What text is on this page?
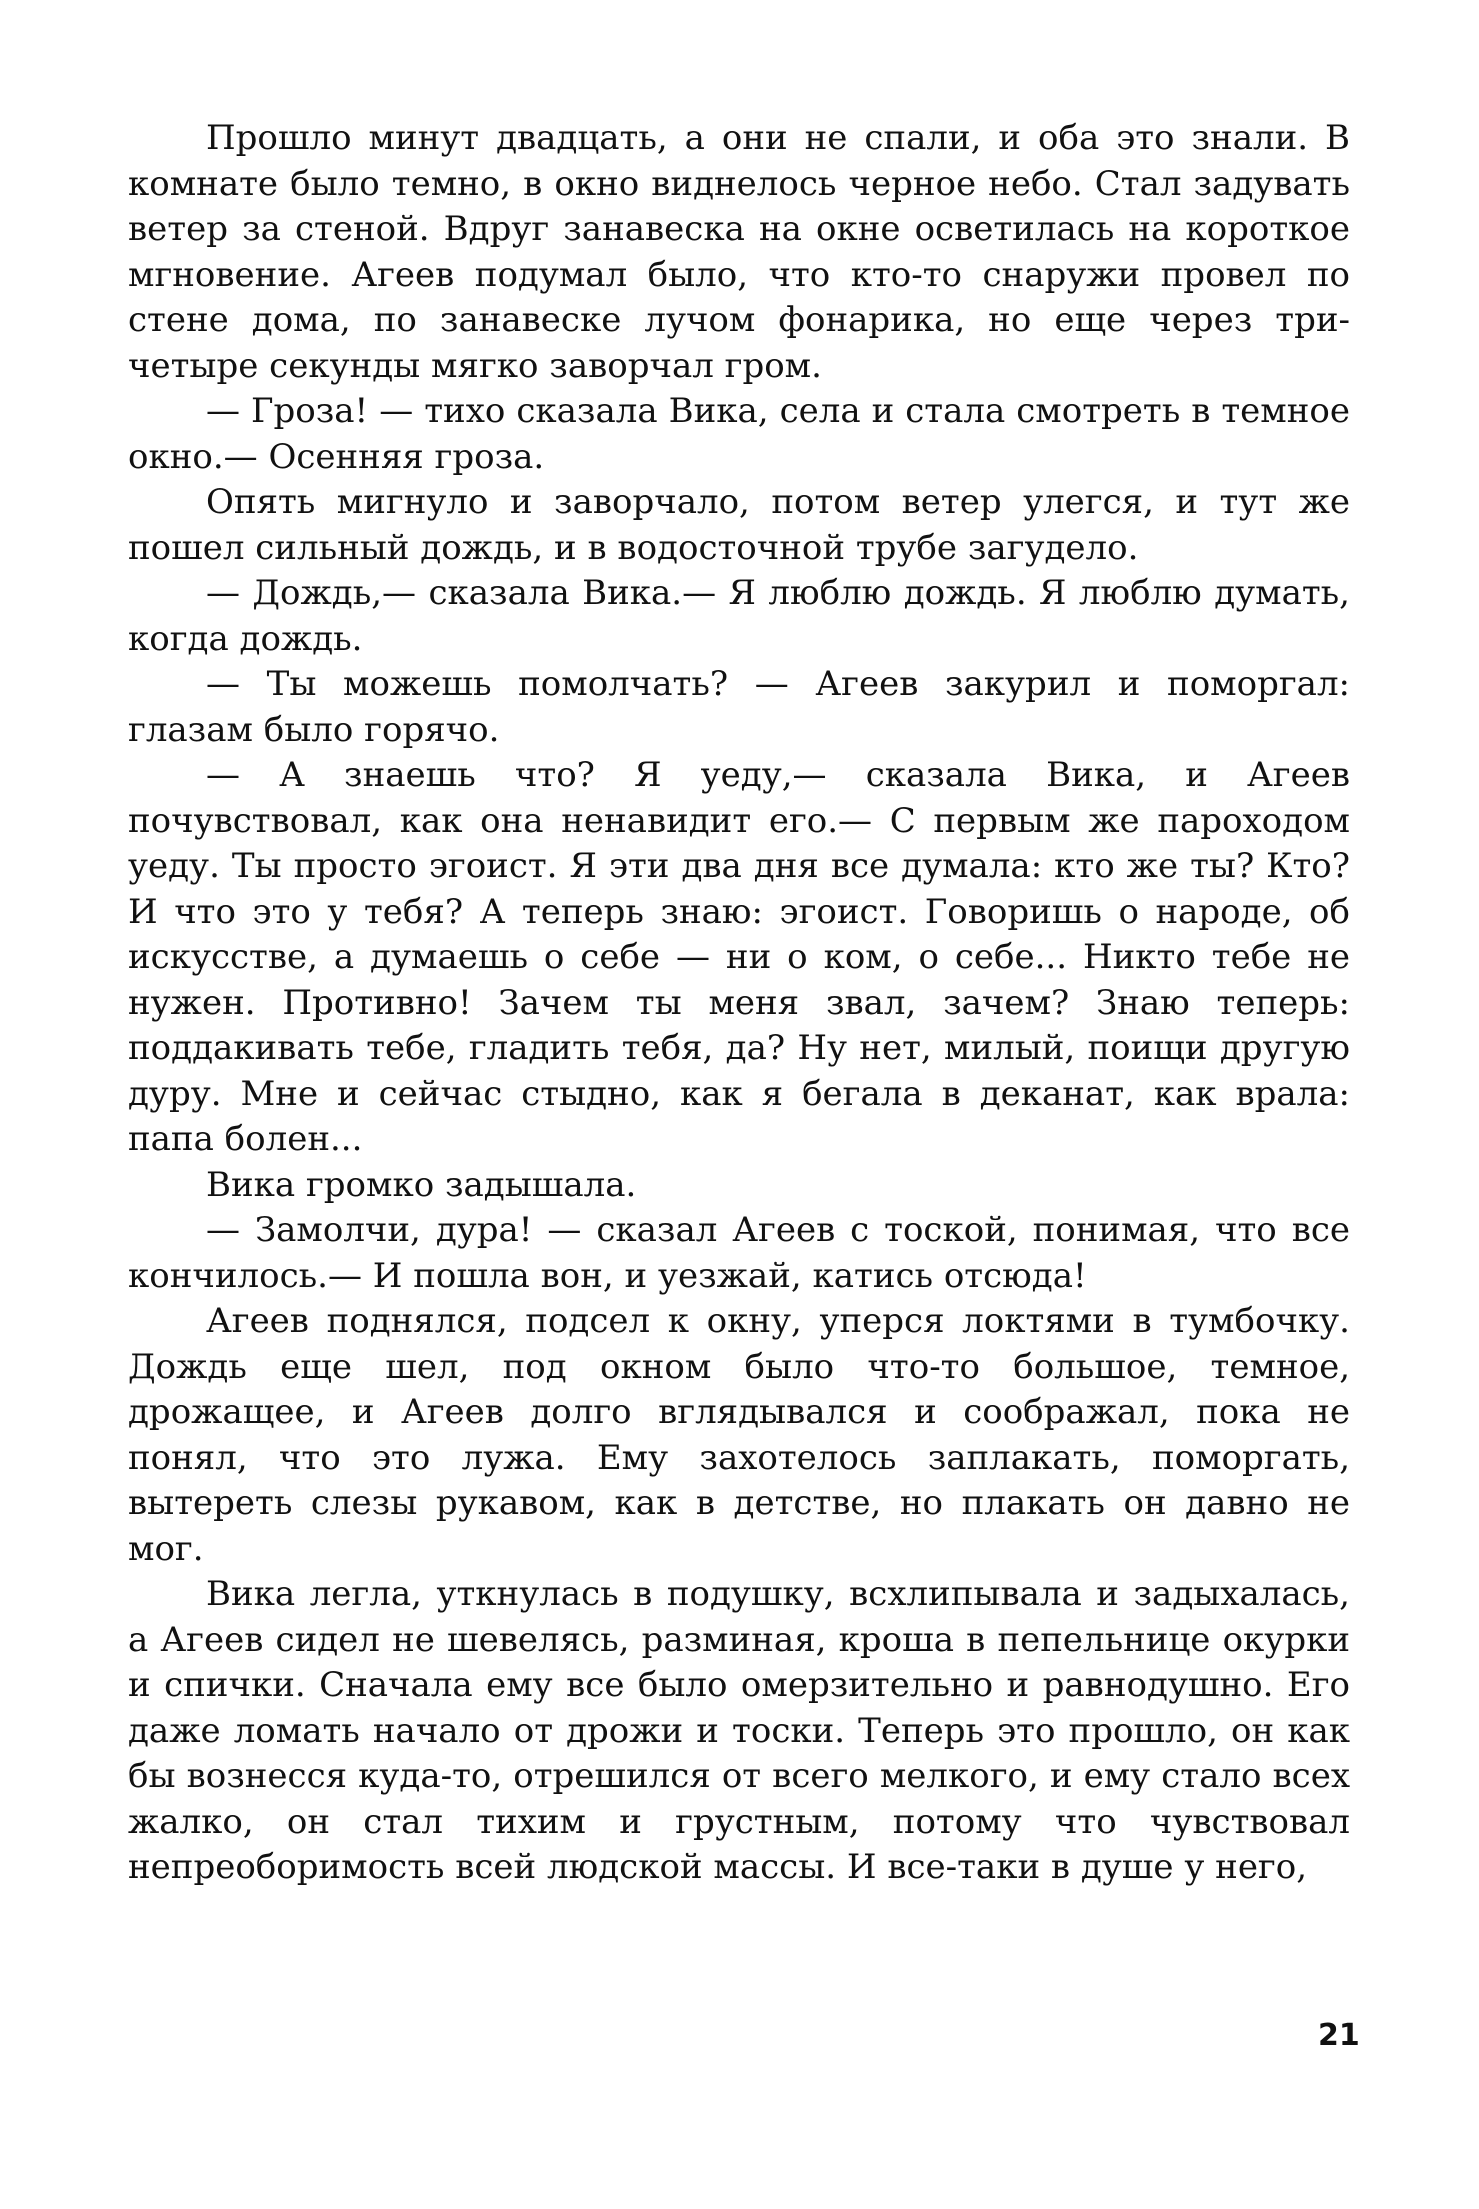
Прошло минут двадцать, а они не спали, и оба это знали. В комнате было темно, в окно виднелось черное небо. Стал задувать ветер за стеной. Вдруг занавеска на окне осветилась на короткое мгновение. Агеев подумал было, что кто-то снаружи провел по стене дома, по занавеске лучом фонарика, но еще через три-четыре секунды мягко заворчал гром.

— Гроза! — тихо сказала Вика, села и стала смотреть в темное окно.— Осенняя гроза.

Опять мигнуло и заворчало, потом ветер улегся, и тут же пошел сильный дождь, и в водосточной трубе загудело.

— Дождь,— сказала Вика.— Я люблю дождь. Я люблю думать, когда дождь.

— Ты можешь помолчать? — Агеев закурил и поморгал: глазам было горячо.

— А знаешь что? Я уеду,— сказала Вика, и Агеев почувствовал, как она ненавидит его.— С первым же пароходом уеду. Ты просто эгоист. Я эти два дня все думала: кто же ты? Кто? И что это у тебя? А теперь знаю: эгоист. Говоришь о народе, об искусстве, а думаешь о себе — ни о ком, о себе... Никто тебе не нужен. Противно! Зачем ты меня звал, зачем? Знаю теперь: поддакивать тебе, гладить тебя, да? Ну нет, милый, поищи другую дуру. Мне и сейчас стыдно, как я бегала в деканат, как врала: папа болен...

Вика громко задышала.

— Замолчи, дура! — сказал Агеев с тоской, понимая, что все кончилось.— И пошла вон, и уезжай, катись отсюда!

Агеев поднялся, подсел к окну, уперся локтями в тумбочку. Дождь еще шел, под окном было что-то большое, темное, дрожащее, и Агеев долго вглядывался и соображал, пока не понял, что это лужа. Ему захотелось заплакать, поморгать, вытереть слезы рукавом, как в детстве, но плакать он давно не мог.

Вика легла, уткнулась в подушку, всхлипывала и задыхалась, а Агеев сидел не шевелясь, разминая, кроша в пепельнице окурки и спички. Сначала ему все было омерзительно и равнодушно. Его даже ломать начало от дрожи и тоски. Теперь это прошло, он как бы вознесся куда-то, отрешился от всего мелкого, и ему стало всех жалко, он стал тихим и грустным, потому что чувствовал непреоборимость всей людской массы. И все-таки в душе у него,

21
